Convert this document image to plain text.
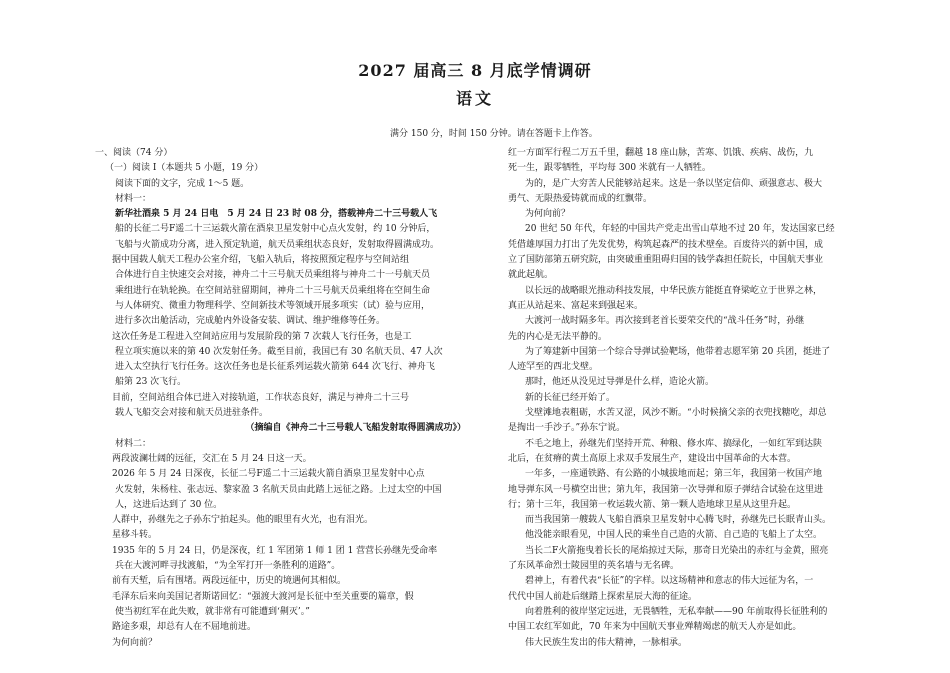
2027 届高三 8 月底学情调研
语文
满分 150 分，时间 150 分钟。请在答题卡上作答。
一、阅读（74 分）
（一）阅读 I（本题共 5 小题，19 分）
阅读下面的文字，完成 1～5 题。
材料一：
新华社酒泉 5 月 24 日电　5 月 24 日 23 时 08 分，搭载神舟二十三号载人飞
船的长征二号F遥二十三运载火箭在酒泉卫星发射中心点火发射，约 10 分钟后，
飞船与火箭成功分离，进入预定轨道，航天员乘组状态良好，发射取得圆满成功。
据中国载人航天工程办公室介绍，飞船入轨后，将按照预定程序与空间站组
合体进行自主快速交会对接，神舟二十三号航天员乘组将与神舟二十一号航天员
乘组进行在轨轮换。在空间站驻留期间，神舟二十三号航天员乘组将在空间生命
与人体研究、微重力物理科学、空间新技术等领域开展多项实（试）验与应用，
进行多次出舱活动，完成舱内外设备安装、调试、维护维修等任务。
这次任务是工程进入空间站应用与发展阶段的第 7 次载人飞行任务，也是工
程立项实施以来的第 40 次发射任务。截至目前，我国已有 30 名航天员、47 人次
进入太空执行飞行任务。这次任务也是长征系列运载火箭第 644 次飞行、神舟飞
船第 23 次飞行。
目前，空间站组合体已进入对接轨道，工作状态良好，满足与神舟二十三号
载人飞船交会对接和航天员进驻条件。
（摘编自《神舟二十三号载人飞船发射取得圆满成功》）
材料二：
两段波澜壮阔的远征，交汇在 5 月 24 日这一天。
2026 年 5 月 24 日深夜，长征二号F遥二十三运载火箭自酒泉卫星发射中心点
火发射，朱杨柱、张志远、黎家盈 3 名航天员由此踏上远征之路。上过太空的中国
人，这进后达到了 30 位。
人群中，孙继先之子孙东宁拍起头。他的眼里有火光，也有泪光。
星移斗转。
1935 年的 5 月 24 日，仍是深夜，红 1 军团第 1 师 1 团 1 营营长孙继先受命率
兵在大渡河畔寻找渡船，“为全军打开一条胜利的道路”。
前有天堑，后有围堵。两段远征中，历史的境遇何其相似。
毛泽东后来向美国记者斯诺回忆：“强渡大渡河是长征中至关重要的篇章，假
使当初红军在此失败，就非常有可能遭到‘劓灭’。”
路途多艰，却总有人在不屈地前进。
为何向前？
红一方面军行程二万五千里，翻越 18 座山脉，苦寒、饥饿、疾病、战伤，九
死一生，跟零牺牲，平均每 300 米就有一人牺牲。
为的，是广大穷苦人民能够站起来。这是一条以坚定信仰、顽强意志、极大
勇气、无限热爱铸就而成的红飘带。
为何向前？
20 世纪 50 年代，年轻的中国共产党走出雪山草地不过 20 年，发达国家已经
凭借雄厚国力打出了先发优势，构筑起森严的技术壁垒。百废待兴的新中国，成
立了国防部第五研究院，由突破重重阻碍归国的钱学森担任院长，中国航天事业
就此起航。
以长远的战略眼光推动科技发展，中华民族方能挺直脊梁屹立于世界之林，
真正从站起来、富起来到强起来。
大渡河一战时隔多年。再次接到老首长要荣交代的“战斗任务”时，孙继
先的内心是无法平静的。
为了筹建新中国第一个综合导弹试验靶场，他带着志愿军第 20 兵团，挺进了
人迹罕至的西北戈壁。
那时，他还从没见过导弹是什么样，造论火箭。
新的长征已经开始了。
戈壁滩地表粗砺，水苦又涩，风沙不断。“小时候摘父亲的衣兜找糖吃，却总
是掏出一手沙子。”孙东宁说。
不毛之地上，孙继先们坚持开荒、种粮、修水库、搞绿化，一如红军到达陕
北后，在贫瘠的黄土高原上求双手发展生产，建设出中国革命的大本营。
一年多，一座通铁路、有公路的小城拔地而起；第三年，我国第一枚国产地
地导弹东风一号横空出世；第九年，我国第一次导弹和原子弹结合试验在这里进
行；第十三年，我国第一枚运载火箭、第一颗人造地球卫星从这里升起。
而当我国第一艘载人飞船自酒泉卫星发射中心腾飞时，孙继先已长眠青山头。
他没能亲眼看见，中国人民的乘坐自己造的火箭、自己造的飞船上了太空。
当长二F火箭拖曳着长长的尾焰掠过天际，那奇日光染出的赤红与金黄，照亮
了东风革命烈士陵园里的英名墙与无名碑。
碧神上，有着代表“长征”的字样。以这场精神和意志的伟大远征为名，一
代代中国人前赴后继踏上探索星辰大海的征途。
向着胜利的彼岸坚定远进，无畏牺牲，无私奉献——90 年前取得长征胜利的
中国工农红军如此，70 年来为中国航天事业殚精竭虑的航天人亦是如此。
伟大民族生发出的伟大精神，一脉相承。
